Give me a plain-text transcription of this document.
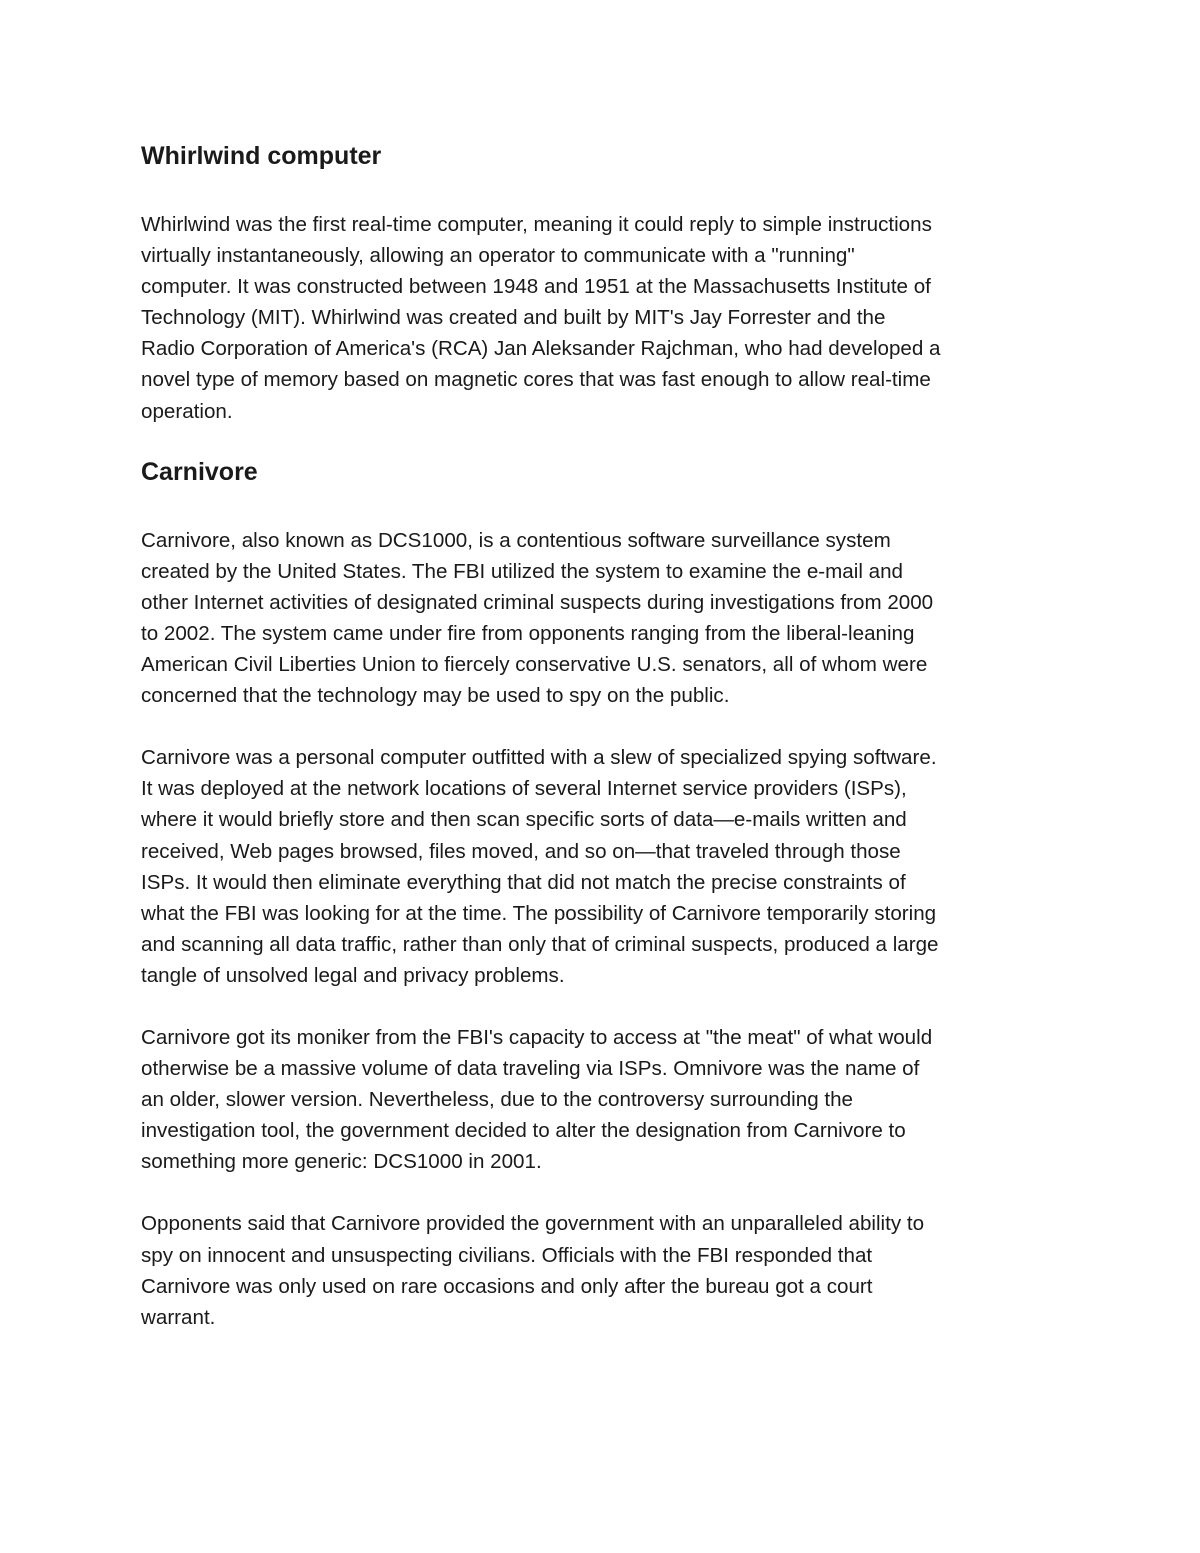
Whirlwind computer

Whirlwind was the first real-time computer, meaning it could reply to simple instructions
virtually instantaneously, allowing an operator to communicate with a "running"
computer. It was constructed between 1948 and 1951 at the Massachusetts Institute of
Technology (MIT). Whirlwind was created and built by MIT's Jay Forrester and the
Radio Corporation of America's (RCA) Jan Aleksander Rajchman, who had developed a
novel type of memory based on magnetic cores that was fast enough to allow real-time
operation.

Carnivore

Carnivore, also known as DCS1000, is a contentious software surveillance system
created by the United States. The FBI utilized the system to examine the e-mail and
other Internet activities of designated criminal suspects during investigations from 2000
to 2002. The system came under fire from opponents ranging from the liberal-leaning
American Civil Liberties Union to fiercely conservative U.S. senators, all of whom were
concerned that the technology may be used to spy on the public.

Carnivore was a personal computer outfitted with a slew of specialized spying software.
It was deployed at the network locations of several Internet service providers (ISPs),
where it would briefly store and then scan specific sorts of data—e-mails written and
received, Web pages browsed, files moved, and so on—that traveled through those
ISPs. It would then eliminate everything that did not match the precise constraints of
what the FBI was looking for at the time. The possibility of Carnivore temporarily storing
and scanning all data traffic, rather than only that of criminal suspects, produced a large
tangle of unsolved legal and privacy problems.

Carnivore got its moniker from the FBI's capacity to access at "the meat" of what would
otherwise be a massive volume of data traveling via ISPs. Omnivore was the name of
an older, slower version. Nevertheless, due to the controversy surrounding the
investigation tool, the government decided to alter the designation from Carnivore to
something more generic: DCS1000 in 2001.

Opponents said that Carnivore provided the government with an unparalleled ability to
spy on innocent and unsuspecting civilians. Officials with the FBI responded that
Carnivore was only used on rare occasions and only after the bureau got a court
warrant.
